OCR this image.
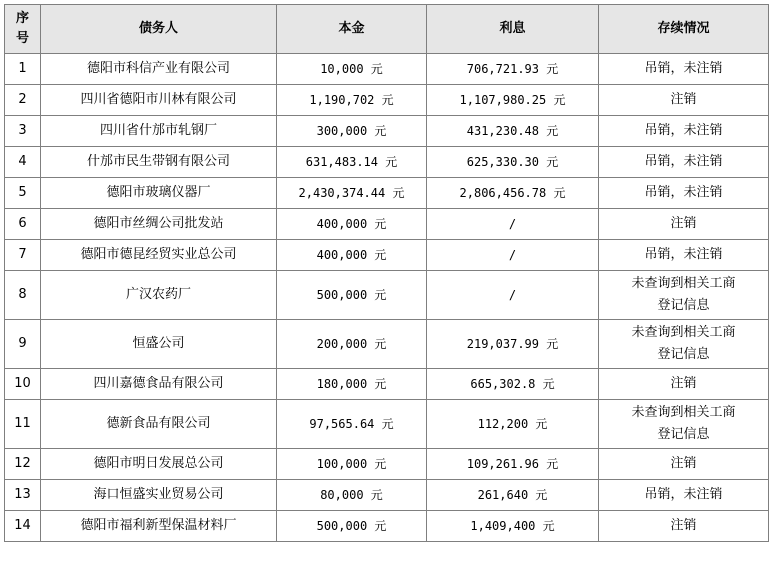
序
号	债务人	本金	利息	存续情况
1	德阳市科信产业有限公司	10,000 元	706,721.93 元	吊销，未注销
2	四川省德阳市川林有限公司	1,190,702 元	1,107,980.25 元	注销
3	四川省什邡市轧钢厂	300,000 元	431,230.48 元	吊销，未注销
4	什邡市民生带钢有限公司	631,483.14 元	625,330.30 元	吊销，未注销
5	德阳市玻璃仪器厂	2,430,374.44 元	2,806,456.78 元	吊销，未注销
6	德阳市丝绸公司批发站	400,000 元	/	注销
7	德阳市德昆经贸实业总公司	400,000 元	/	吊销，未注销
8	广汉农药厂	500,000 元	/	未查询到相关工商
登记信息
9	恒盛公司	200,000 元	219,037.99 元	未查询到相关工商
登记信息
10	四川嘉德食品有限公司	180,000 元	665,302.8 元	注销
11	德新食品有限公司	97,565.64 元	112,200 元	未查询到相关工商
登记信息
12	德阳市明日发展总公司	100,000 元	109,261.96 元	注销
13	海口恒盛实业贸易公司	80,000 元	261,640 元	吊销，未注销
14	德阳市福利新型保温材料厂	500,000 元	1,409,400 元	注销
